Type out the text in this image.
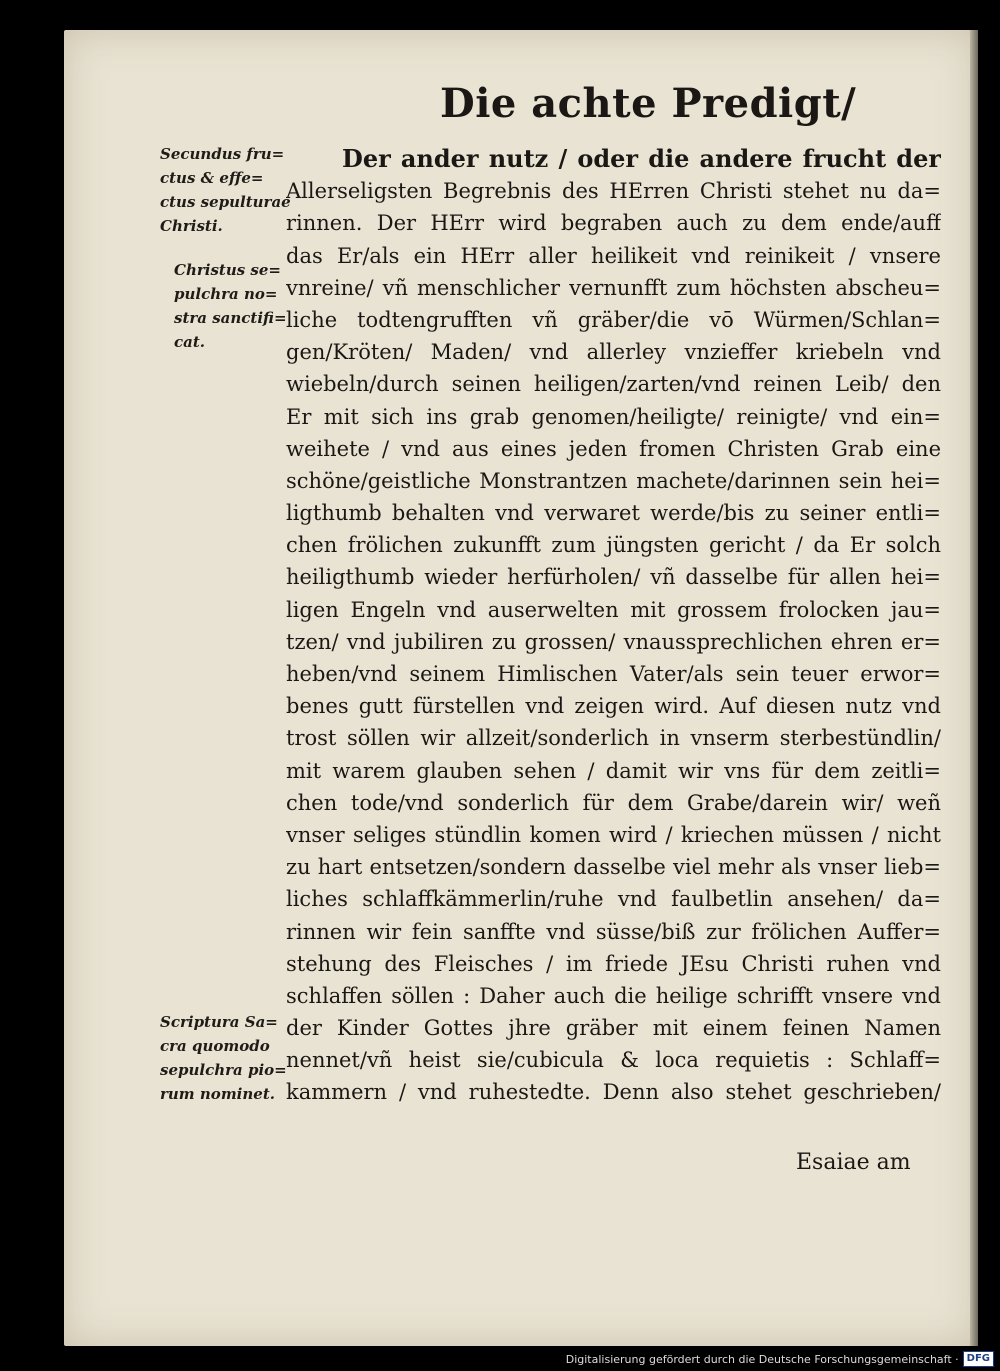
Die achte Predigt/
Secundus fru=
ctus & effe=
ctus sepulturae
Christi.
Christus se=
pulchra no=
stra sanctifi=
cat.
Scriptura Sa=
cra quomodo
sepulchra pio=
rum nominet.
Der ander nutz / oder die andere frucht der
Allerseligsten Begrebnis des HErren Christi stehet nu da=
rinnen. Der HErr wird begraben auch zu dem ende/auff
das Er/als ein HErr aller heilikeit vnd reinikeit / vnsere
vnreine/ vñ menschlicher vernunfft zum höchsten abscheu=
liche todtengrufften vñ gräber/die vō Würmen/Schlan=
gen/Kröten/ Maden/ vnd allerley vnzieffer kriebeln vnd
wiebeln/durch seinen heiligen/zarten/vnd reinen Leib/ den
Er mit sich ins grab genomen/heiligte/ reinigte/ vnd ein=
weihete / vnd aus eines jeden fromen Christen Grab eine
schöne/geistliche Monstrantzen machete/darinnen sein hei=
ligthumb behalten vnd verwaret werde/bis zu seiner entli=
chen frölichen zukunfft zum jüngsten gericht / da Er solch
heiligthumb wieder herfürholen/ vñ dasselbe für allen hei=
ligen Engeln vnd auserwelten mit grossem frolocken jau=
tzen/ vnd jubiliren zu grossen/ vnaussprechlichen ehren er=
heben/vnd seinem Himlischen Vater/als sein teuer erwor=
benes gutt fürstellen vnd zeigen wird. Auf diesen nutz vnd
trost söllen wir allzeit/sonderlich in vnserm sterbestündlin/
mit warem glauben sehen / damit wir vns für dem zeitli=
chen tode/vnd sonderlich für dem Grabe/darein wir/ weñ
vnser seliges stündlin komen wird / kriechen müssen / nicht
zu hart entsetzen/sondern dasselbe viel mehr als vnser lieb=
liches schlaffkämmerlin/ruhe vnd faulbetlin ansehen/ da=
rinnen wir fein sanffte vnd süsse/biß zur frölichen Auffer=
stehung des Fleisches / im friede JEsu Christi ruhen vnd
schlaffen söllen : Daher auch die heilige schrifft vnsere vnd
der Kinder Gottes jhre gräber mit einem feinen Namen
nennet/vñ heist sie/cubicula & loca requietis : Schlaff=
kammern / vnd ruhestedte. Denn also stehet geschrieben/
Esaiae am
Digitalisierung gefördert durch die Deutsche Forschungsgemeinschaft · DFG
